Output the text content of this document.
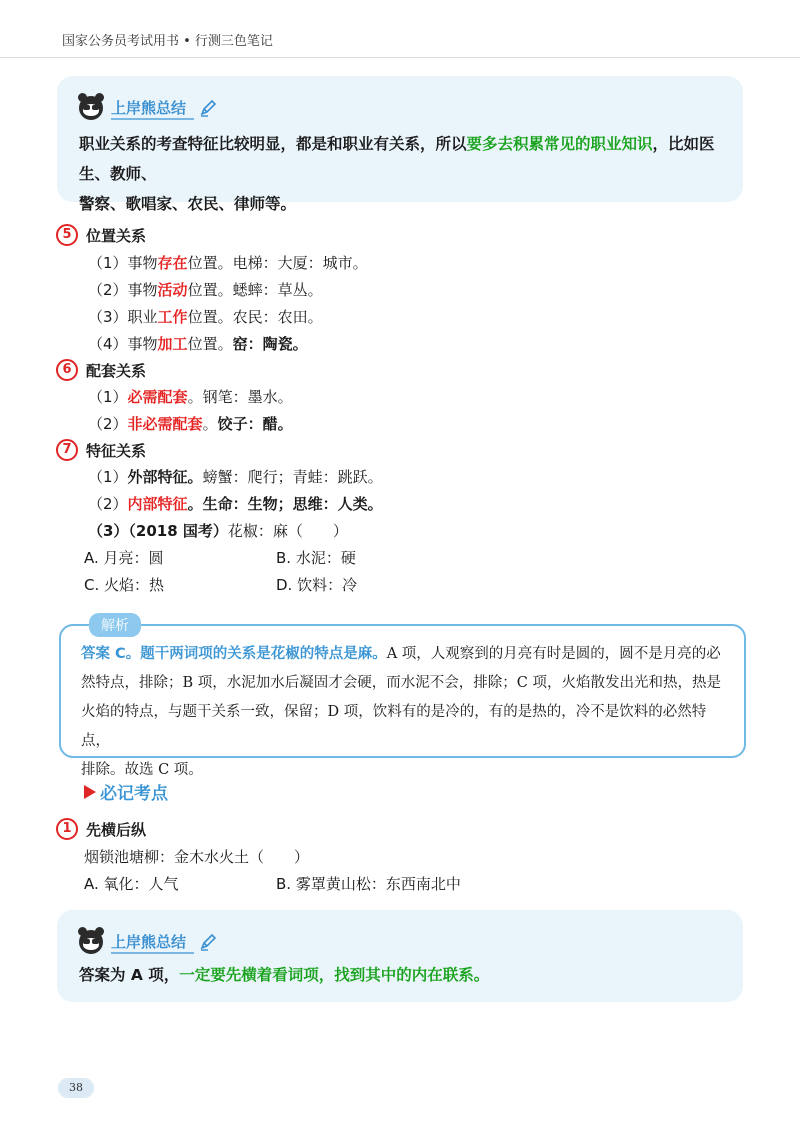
国家公务员考试用书 • 行测三色笔记
上岸熊总结
职业关系的考查特征比较明显，都是和职业有关系，所以要多去积累常见的职业知识，比如医生、教师、
警察、歌唱家、农民、律师等。
5 位置关系
（1）事物存在位置。电梯：大厦：城市。
（2）事物活动位置。蟋蟀：草丛。
（3）职业工作位置。农民：农田。
（4）事物加工位置。窑：陶瓷。
6 配套关系
（1）必需配套。钢笔：墨水。
（2）非必需配套。饺子：醋。
7 特征关系
（1）外部特征。螃蟹：爬行；青蛙：跳跃。
（2）内部特征。生命：生物；思维：人类。
（3）（2018 国考）花椒：麻（　　）
A. 月亮：圆	B. 水泥：硬
C. 火焰：热	D. 饮料：冷
解析
答案 C。题干两词项的关系是花椒的特点是麻。A 项，人观察到的月亮有时是圆的，圆不是月亮的必
然特点，排除；B 项，水泥加水后凝固才会硬，而水泥不会，排除；C 项，火焰散发出光和热，热是
火焰的特点，与题干关系一致，保留；D 项，饮料有的是冷的，有的是热的，冷不是饮料的必然特点，
排除。故选 C 项。
必记考点
1 先横后纵
烟锁池塘柳：金木水火土（　　）
A. 氧化：人气	B. 雾罩黄山松：东西南北中
上岸熊总结
答案为 A 项，一定要先横着看词项，找到其中的内在联系。
38
